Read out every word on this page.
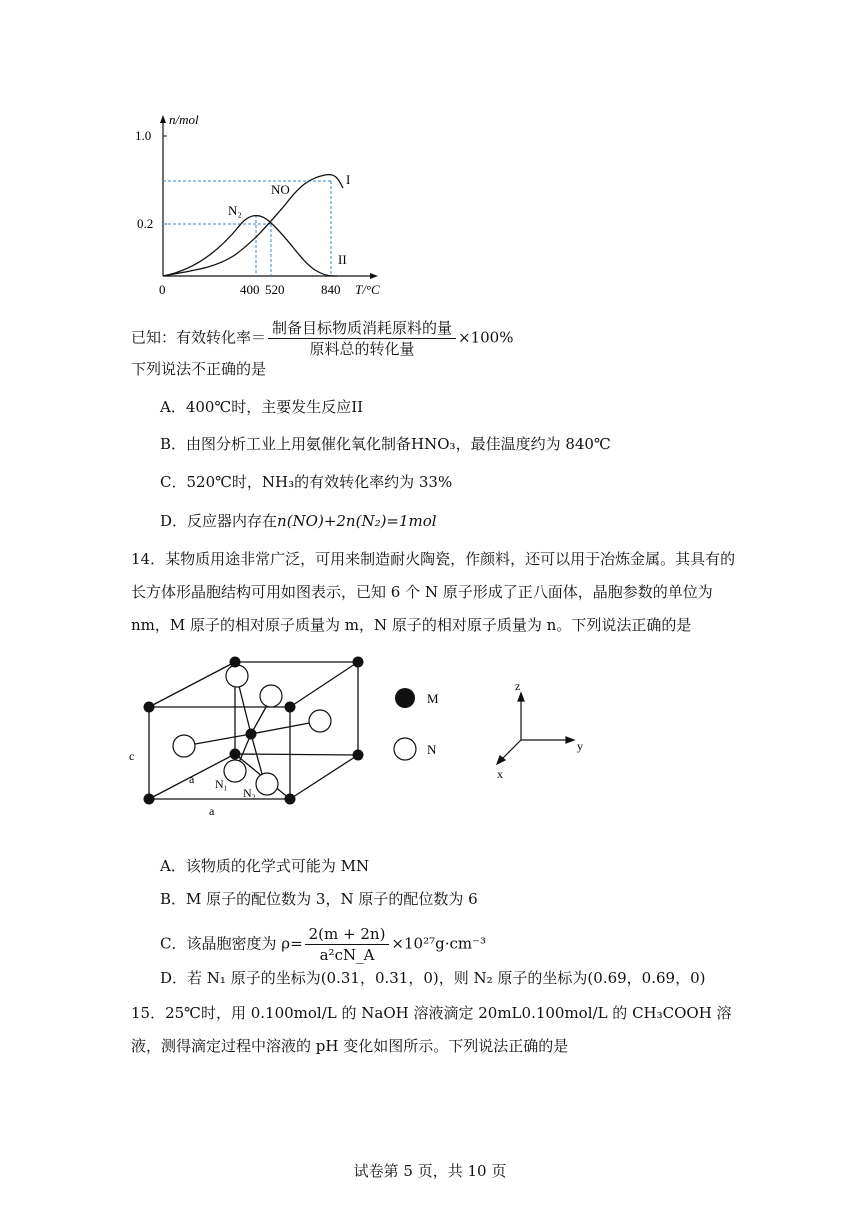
n/mol
1.0
0.2
0	400 520	840 T/°C
NO
N₂
I
II
已知：有效转化率＝ $\frac{\text{制备目标物质消耗原料的量}}{\text{原料总的转化量}} \times 100\%$
下列说法不正确的是
A．400℃时，主要发生反应II
B．由图分析工业上用氨催化氧化制备HNO₃，最佳温度约为 840℃
C．520℃时，NH₃的有效转化率约为 33%
D．反应器内存在n(NO)+2n(N₂)=1mol
14．某物质用途非常广泛，可用来制造耐火陶瓷，作颜料，还可以用于冶炼金属。其具有的长方体形晶胞结构可用如图表示，已知 6 个 N 原子形成了正八面体，晶胞参数的单位为 nm，M 原子的相对原子质量为 m，N 原子的相对原子质量为 n。下列说法正确的是
c
a
a
N₁
N₂
M
N
z
y
x
A．该物质的化学式可能为 MN
B．M 原子的配位数为 3，N 原子的配位数为 6
C．该晶胞密度为 $\rho= \frac{2(m + 2n)}{\text{a²cN\_A}} \times 10^{27}g\cdot cm^{-3}$
D．若 N₁ 原子的坐标为(0.31，0.31，0)，则 N₂ 原子的坐标为(0.69，0.69，0)
15．25℃时，用 0.100mol/L 的 NaOH 溶液滴定 20mL0.100mol/L 的 CH₃COOH 溶液，测得滴定过程中溶液的 pH 变化如图所示。下列说法正确的是
试卷第 5 页，共 10 页
